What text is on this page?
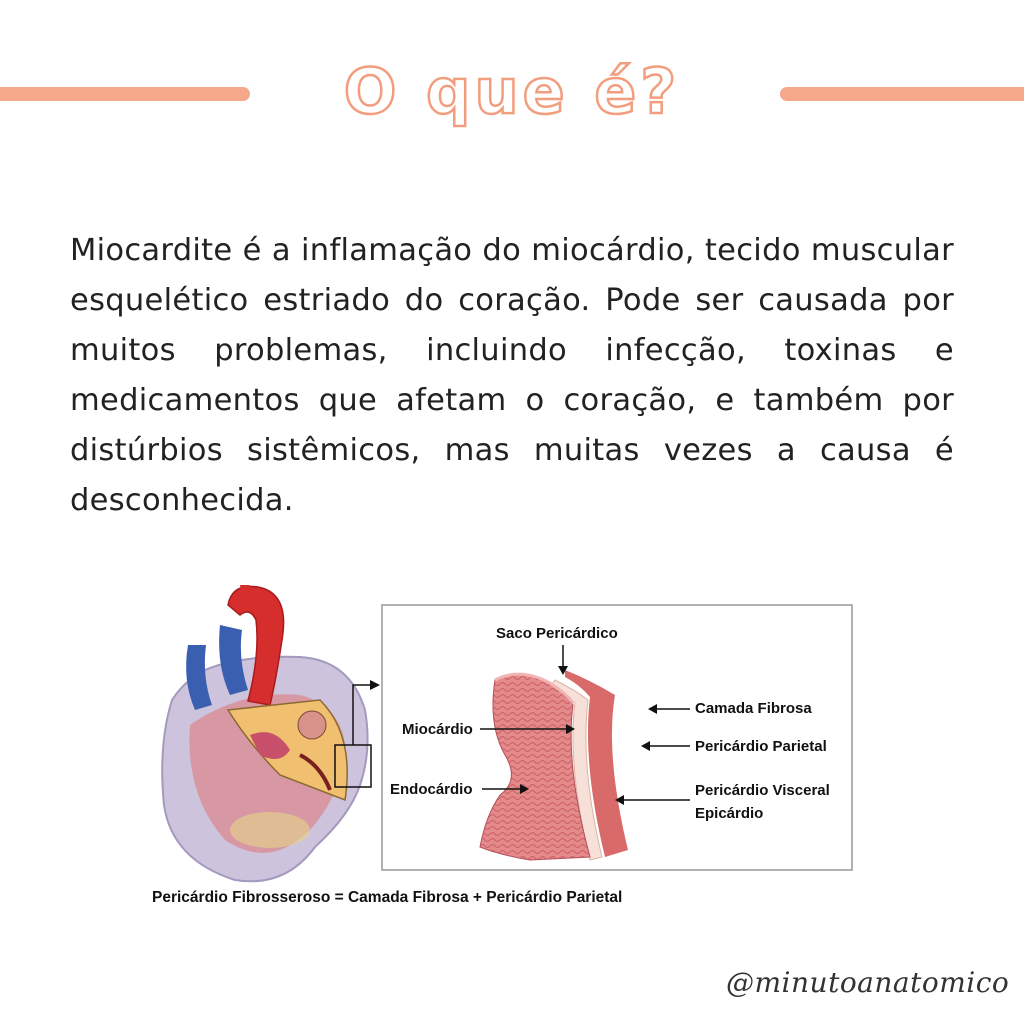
O que é?

Miocardite é a inflamação do miocárdio, tecido muscular esquelético estriado do coração. Pode ser causada por muitos problemas, incluindo infecção, toxinas e medicamentos que afetam o coração, e também por distúrbios sistêmicos, mas muitas vezes a causa é desconhecida.

Saco Pericárdico
Camada Fibrosa
Pericárdio Parietal
Miocárdio
Endocárdio	Pericárdio Visceral
Epicárdio
Pericárdio Fibrosseroso = Camada Fibrosa + Pericárdio Parietal
@minutoanatomico
